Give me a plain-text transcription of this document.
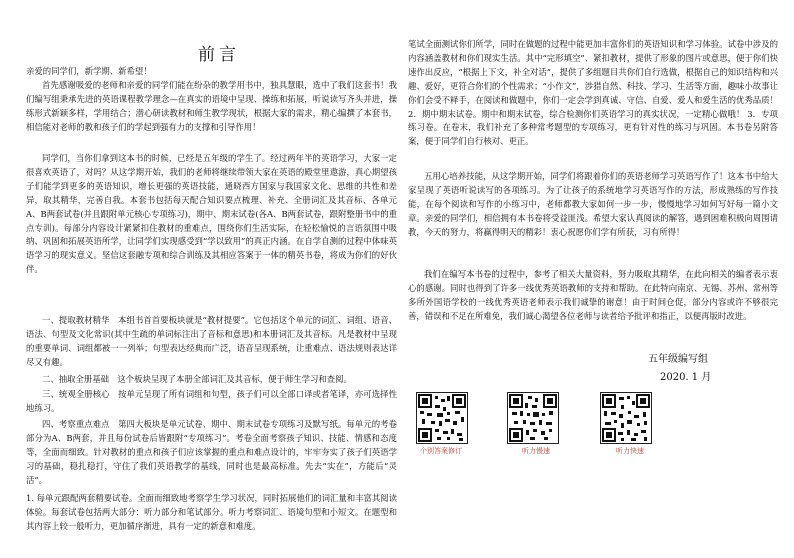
前言

亲爱的同学们，新学期、新希望！

首先感谢吸爱的老师和亲爱的同学们能在纷杂的教学用书中，独具慧眼，选中了我们这套书！我们编写组秉承先进的英语课程教学理念—在真实的语境中呈现、操练和拓展，听说读写齐头并进，操练形式新颖多样，学用结合；潜心研读教材和师生教学现状，根据大家的需求，精心编撰了本套书，相信能对老师的教和孩子们的学起到强有力的支撑和引导作用！

同学们，当你们拿到这本书的时候，已经是五年级的学生了。经过两年半的英语学习，大家一定很喜欢英语了，对吗？从这学期开始，我们的老师将继续带领大家在英语的殿堂里遨游，真心期望孩子们能学到更多的英语知识，增长更强的英语技能，通晓西方国家与我国家文化、思维的共性和差异，取其精华，完善自我。本套书包括每天配合知识要点梳理、补充、全册词汇及其音标、各单元A、B两套试卷(并且跟附单元核心专项练习)，期中、期末试卷(各A、B两套试卷，跟附整册书中的重点专训)。每部分内容设计紧紧扣住教材的重难点，围绕你们生活实际，在轻松愉悦的言语氛围中吸纳、巩固和拓展英语所学，让同学们实现感受到“学以致用”的真正内涵。在自学自测的过程中体味英语学习的现实意义。坚信这套融专项和综合训练及其相应答案于一体的精英书卷，将成为你们的好伙伴。

一、提取教材精华　本组书首首要板块就是“教材提要”。它包括这个单元的词汇、词组、语音、语法、句型及文化常识(其中生疏的单词标注出了音标和意思)和本册词汇及其音标。凡是教材中呈现的重要单词、词组都被一一列举；句型表达经典而广泛，语音呈现系统，让重难点、语法规则表达详尽又有趣。

二、抽取全册基础　这个板块呈现了本册全部词汇及其音标，便于师生学习和查阅。

三、统观全册核心　按单元呈现了所有词组和句型，孩子们可以全部口译或者笔译，亦可选择性地练习。

四、考察重点难点　第四大板块是单元试卷、期中、期末试卷专项练习及默写纸。每单元的考卷部分为A、B两套，并且每份试卷后皆跟附“专项练习”。考卷全面考察孩子知识、技能、情感和态度等，全面而细致。针对教材的重点和孩子们应该掌握的重点和难点设计的，牢牢夯实了孩子们英语学习的基础，稳扎稳打，守住了我们英语教学的基线，同时也是最高标准。先去“实在”，方能后“灵活”。

1. 每单元跟配两套精要试卷。全面而细致地考察学生学习状况，同时拓展他们的词汇量和丰富其阅读体验。每套试卷包括两大部分：听力部分和笔试部分。听力考察词汇、语境句型和小短文。在题型和其内容上较一般听力，更加循序渐进，具有一定的新意和难度。

笔试全面测试你们所学，同时在做题的过程中能更加丰富你们的英语知识和学习体验。试卷中涉及的内容涵盖教材和你们现实生活。其中“完形填空”、紧扣教材，提供了形象的图片或意思，便于你们快速作出反应，“根据上下文，补全对话”，提供了多组题目共你们自行选做，根据自己的知识结构和兴趣、爱好，更符合你们的个性需求；“小作文”，涉猎自然、科技、学习、生活等方面，趣味小故事让你们会受不释手，在阅读和做题中，你们一定会学到真诚、守信、自爱、爱人和爱生活的优秀品质！ 2．期中期末试卷。期中和期末试卷，综合检测你们英语学习的真实状况，一定精心做哦！ 3．专项练习卷。在卷末，我们补充了多种常考题型的专项练习，更有针对性的练习与巩固。本书卷另附答案，便于同学们自行核对、更正。

五用心培养技能，从这学期开始，同学们将跟着你们的英语老师学习英语写作了！这本书中给大家呈现了英语听说读写的各项练习。为了让孩子的系统地学习英语写作的方法，形成熟练的写作技能，在每个阅读和写作的小练习中，老师都教大家如何一步一步，慢慢地学习如何写好每一篇小文章。亲爱的同学们，相信拥有本书卷将受益匪浅。希望大家认真阅读的解答，遇到困难积极向周围请教，今天的努力，将赢得明天的精彩！衷心祝愿你们学有所获，习有所得！

我们在编写本书卷的过程中，参考了相关大量资料，努力吸取其精华，在此向相关的编者表示衷心的感谢。同时也得到了许多一线优秀英语教师的支持和帮助。在此特向南京、无锡、苏州、常州等多所外国语学校的一线优秀英语老师表示我们诚挚的谢意！由于时间仓促，部分内容或许不够很完善，错误和不足在所难免，我们诚心渴望各位老师与读者给予批评和指正，以便再版时改进。

五年级编写组
2020. 1 月
个别答案修订	听力慢速	听力快速
